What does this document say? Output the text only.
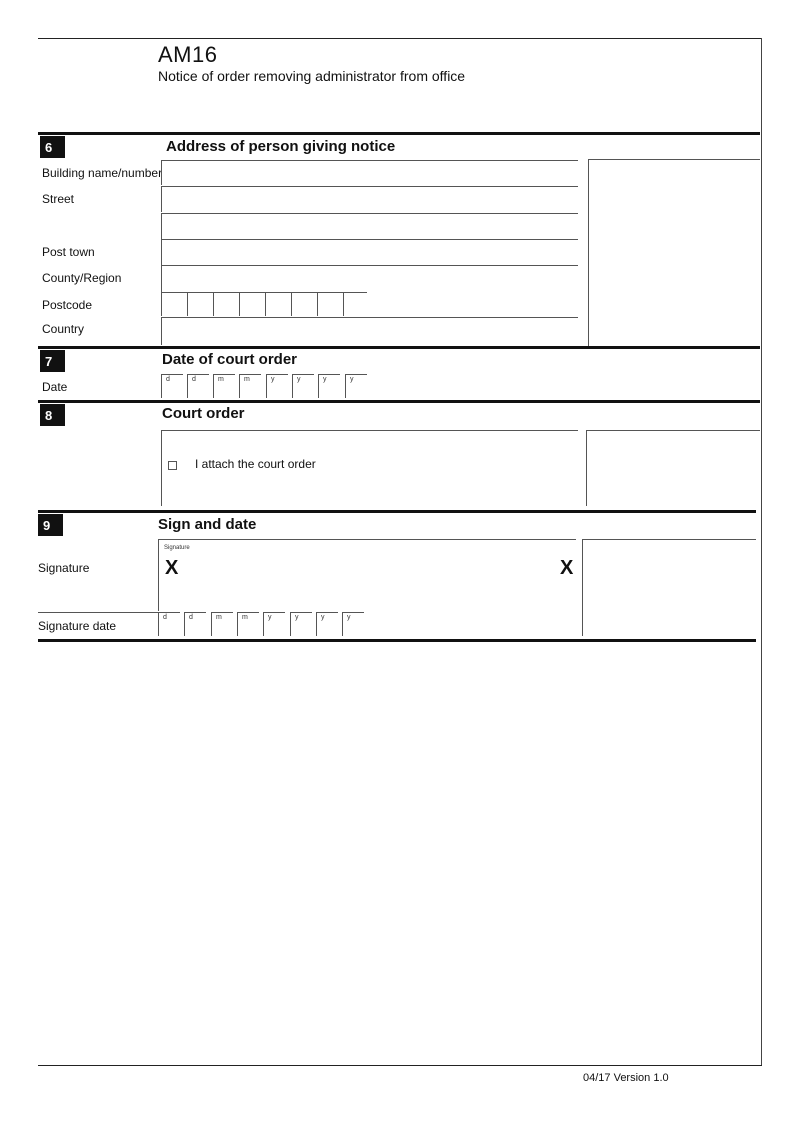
AM16
Notice of order removing administrator from office
6	Address of person giving notice
Building name/number
Street
Post town
County/Region
Postcode
Country
7	Date of court order
Date
d	d	m	m	y	y	y	y
8	Court order
I attach the court order
9	Sign and date
Signature
Signature
X	X
Signature date
d	d	m	m	y	y	y	y
04/17 Version 1.0
